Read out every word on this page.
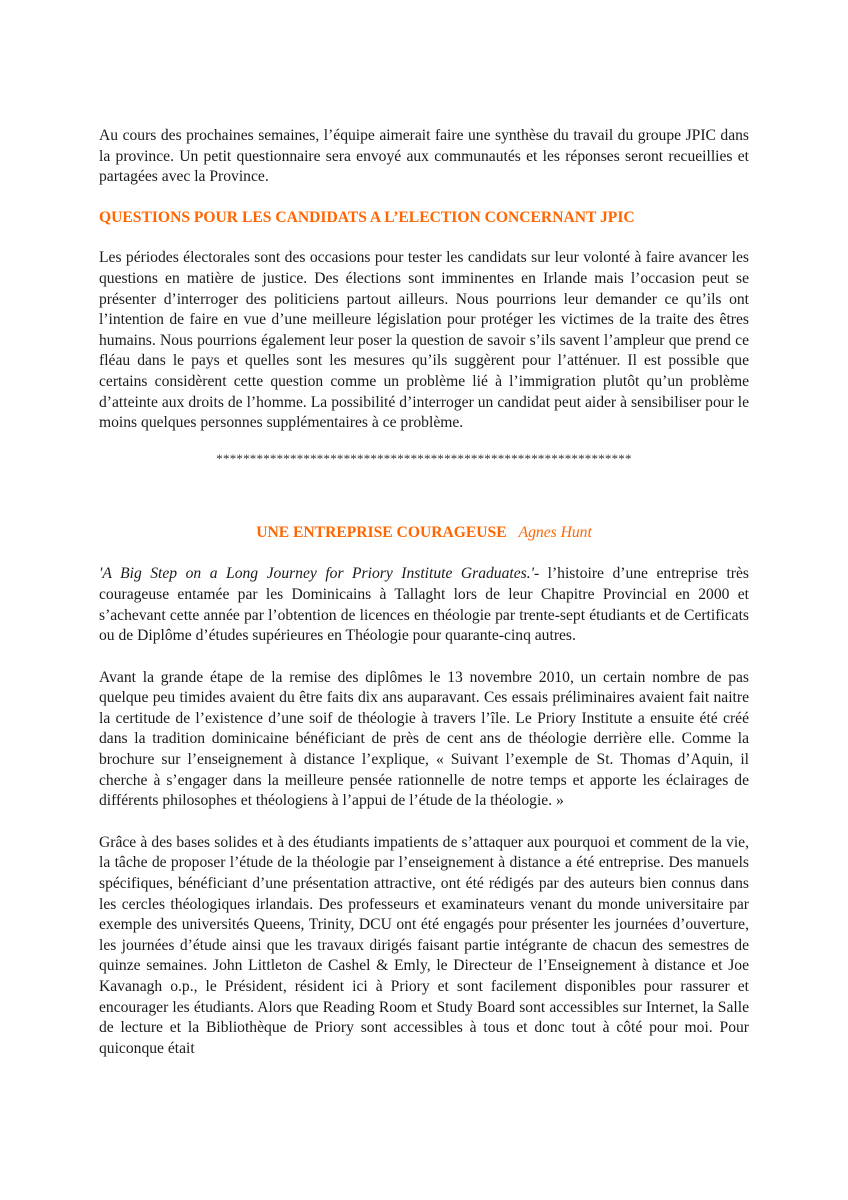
Au cours des prochaines semaines, l’équipe aimerait faire une synthèse du travail du groupe JPIC dans la province. Un petit questionnaire sera envoyé aux communautés et les réponses seront recueillies et partagées avec la Province.

QUESTIONS POUR LES CANDIDATS A L’ELECTION CONCERNANT JPIC

Les périodes électorales sont des occasions pour tester les candidats sur leur volonté à faire avancer les questions en matière de justice. Des élections sont imminentes en Irlande mais l’occasion peut se présenter d’interroger des politiciens partout ailleurs. Nous pourrions leur demander ce qu’ils ont l’intention de faire en vue d’une meilleure législation pour protéger les victimes de la traite des êtres humains. Nous pourrions également leur poser la question de savoir s’ils savent l’ampleur que prend ce fléau dans le pays et quelles sont les mesures qu’ils suggèrent pour l’atténuer. Il est possible que certains considèrent cette question comme un problème lié à l’immigration plutôt qu’un problème d’atteinte aux droits de l’homme. La possibilité d’interroger un candidat peut aider à sensibiliser pour le moins quelques personnes supplémentaires à ce problème.

**************************************************************

UNE ENTREPRISE COURAGEUSE Agnes Hunt

'A Big Step on a Long Journey for Priory Institute Graduates.'- l’histoire d’une entreprise très courageuse entamée par les Dominicains à Tallaght lors de leur Chapitre Provincial en 2000 et s’achevant cette année par l’obtention de licences en théologie par trente-sept étudiants et de Certificats ou de Diplôme d’études supérieures en Théologie pour quarante-cinq autres.

Avant la grande étape de la remise des diplômes le 13 novembre 2010, un certain nombre de pas quelque peu timides avaient du être faits dix ans auparavant. Ces essais préliminaires avaient fait naitre la certitude de l’existence d’une soif de théologie à travers l’île. Le Priory Institute a ensuite été créé dans la tradition dominicaine bénéficiant de près de cent ans de théologie derrière elle. Comme la brochure sur l’enseignement à distance l’explique, « Suivant l’exemple de St. Thomas d’Aquin, il cherche à s’engager dans la meilleure pensée rationnelle de notre temps et apporte les éclairages de différents philosophes et théologiens à l’appui de l’étude de la théologie. »

Grâce à des bases solides et à des étudiants impatients de s’attaquer aux pourquoi et comment de la vie, la tâche de proposer l’étude de la théologie par l’enseignement à distance a été entreprise. Des manuels spécifiques, bénéficiant d’une présentation attractive, ont été rédigés par des auteurs bien connus dans les cercles théologiques irlandais. Des professeurs et examinateurs venant du monde universitaire par exemple des universités Queens, Trinity, DCU ont été engagés pour présenter les journées d’ouverture, les journées d’étude ainsi que les travaux dirigés faisant partie intégrante de chacun des semestres de quinze semaines. John Littleton de Cashel & Emly, le Directeur de l’Enseignement à distance et Joe Kavanagh o.p., le Président, résident ici à Priory et sont facilement disponibles pour rassurer et encourager les étudiants. Alors que Reading Room et Study Board sont accessibles sur Internet, la Salle de lecture et la Bibliothèque de Priory sont accessibles à tous et donc tout à côté pour moi. Pour quiconque était
